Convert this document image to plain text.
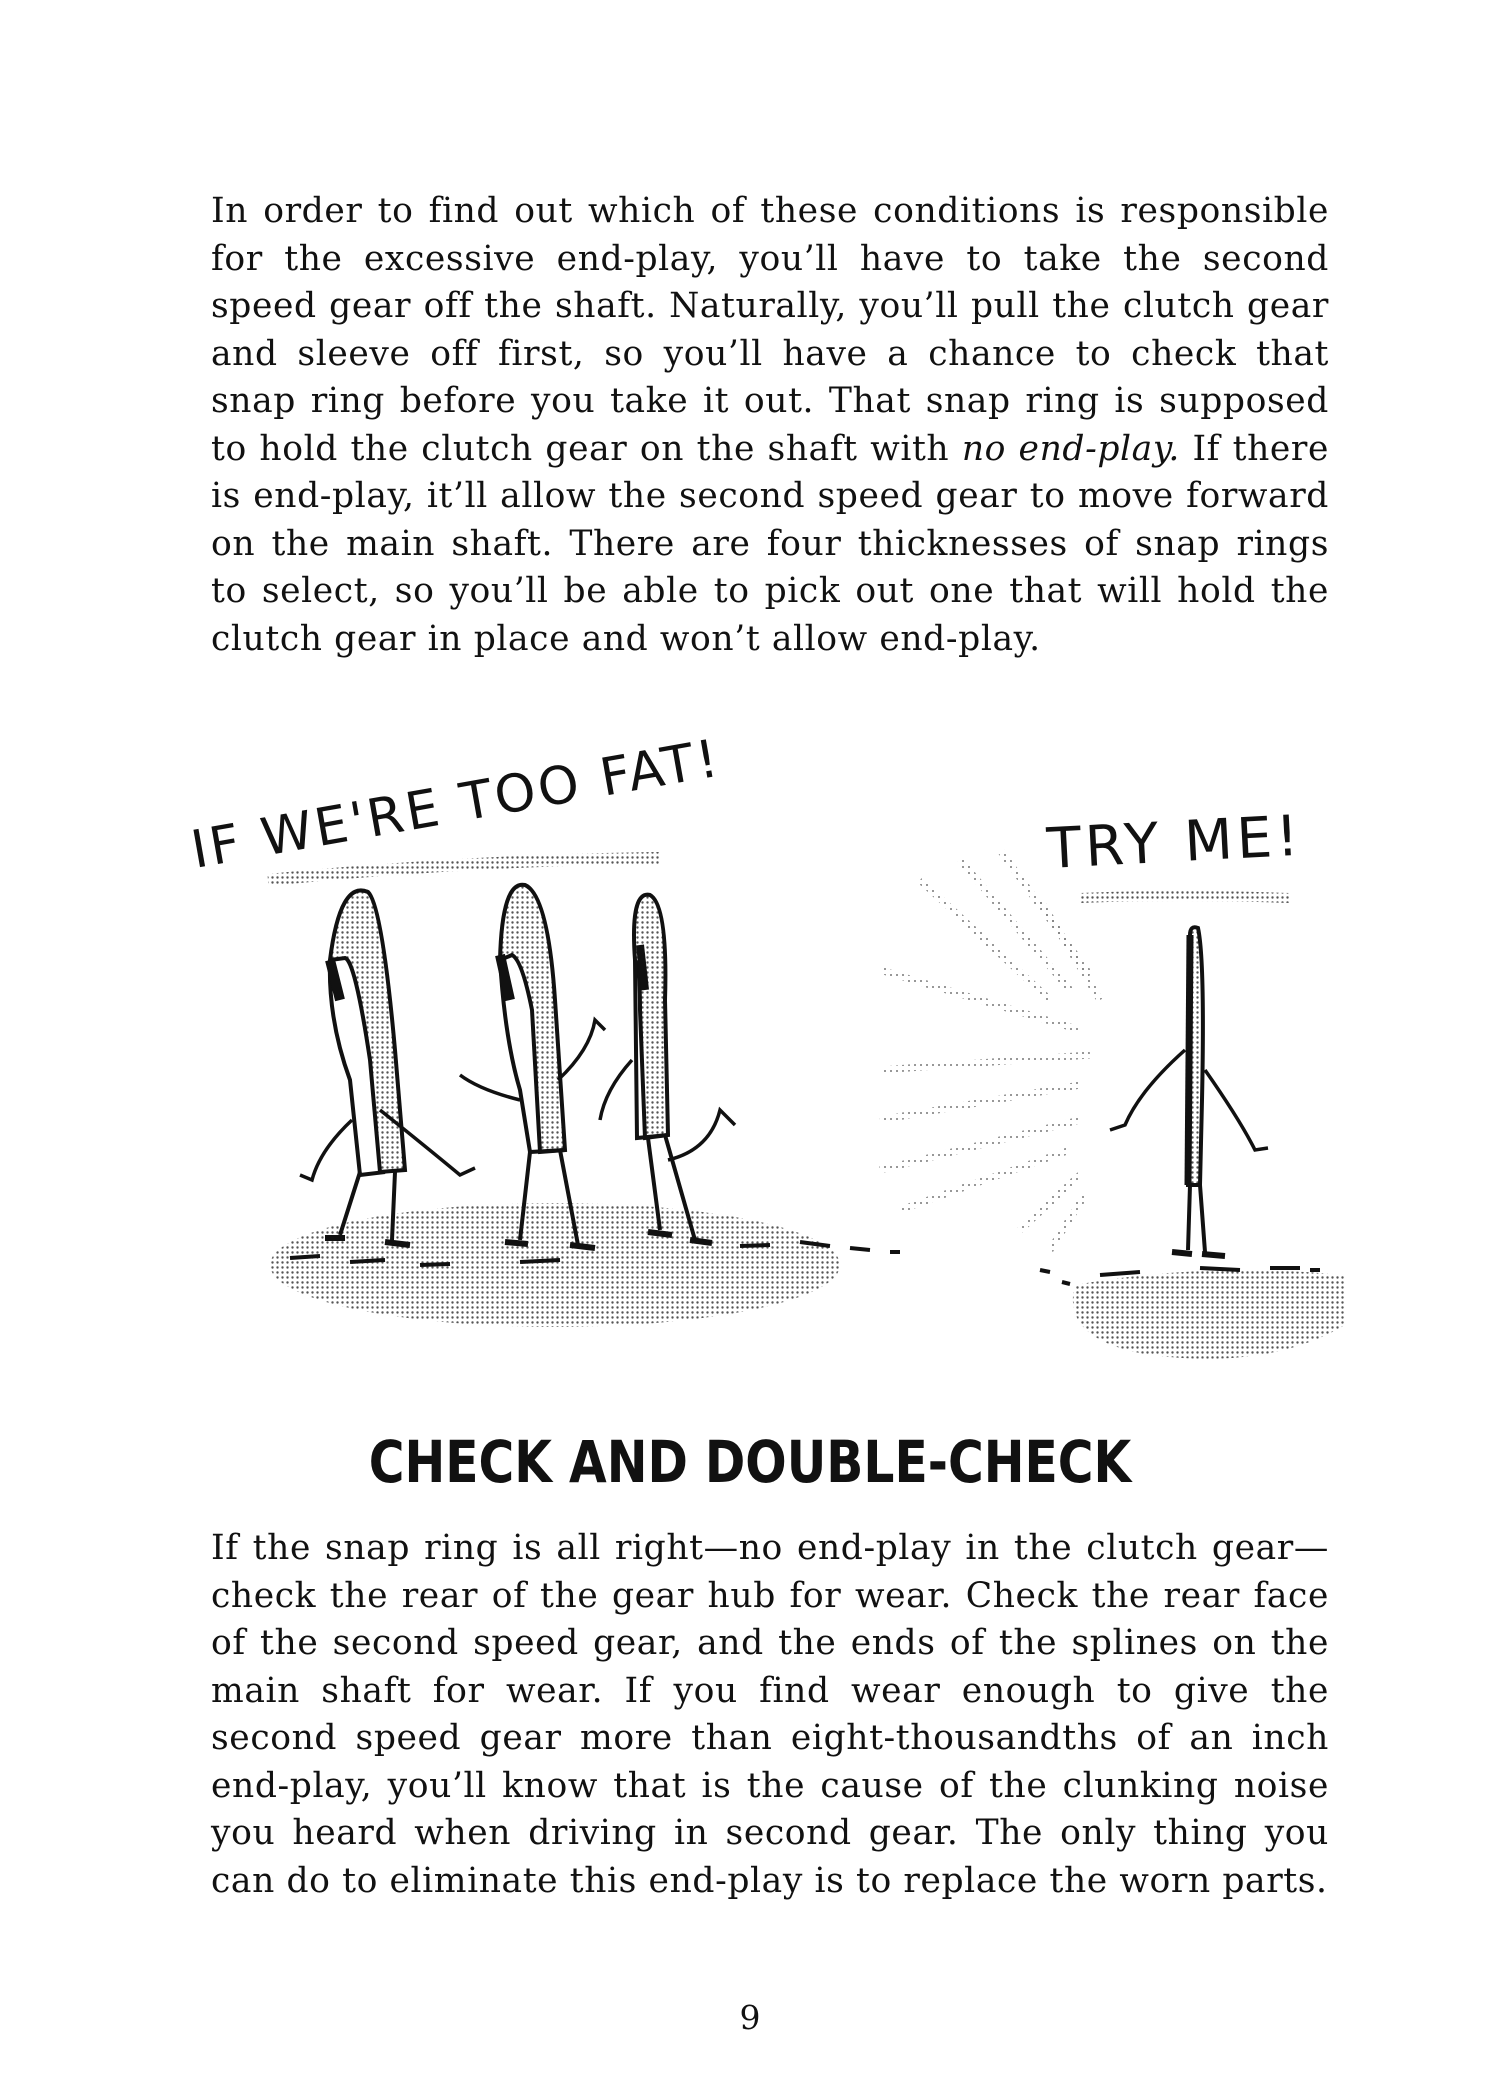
In order to find out which of these conditions is responsible for the excessive end-play, you’ll have to take the second speed gear off the shaft. Naturally, you’ll pull the clutch gear and sleeve off first, so you’ll have a chance to check that snap ring before you take it out. That snap ring is supposed to hold the clutch gear on the shaft with no end-play. If there is end-play, it’ll allow the second speed gear to move forward on the main shaft. There are four thicknesses of snap rings to select, so you’ll be able to pick out one that will hold the clutch gear in place and won’t allow end-play.

IF WE'RE TOO FAT!	TRY ME!
CHECK AND DOUBLE-CHECK

If the snap ring is all right—no end-play in the clutch gear—check the rear of the gear hub for wear. Check the rear face of the second speed gear, and the ends of the splines on the main shaft for wear. If you find wear enough to give the second speed gear more than eight-thousandths of an inch end-play, you’ll know that is the cause of the clunking noise you heard when driving in second gear. The only thing you can do to eliminate this end-play is to replace the worn parts.

9
